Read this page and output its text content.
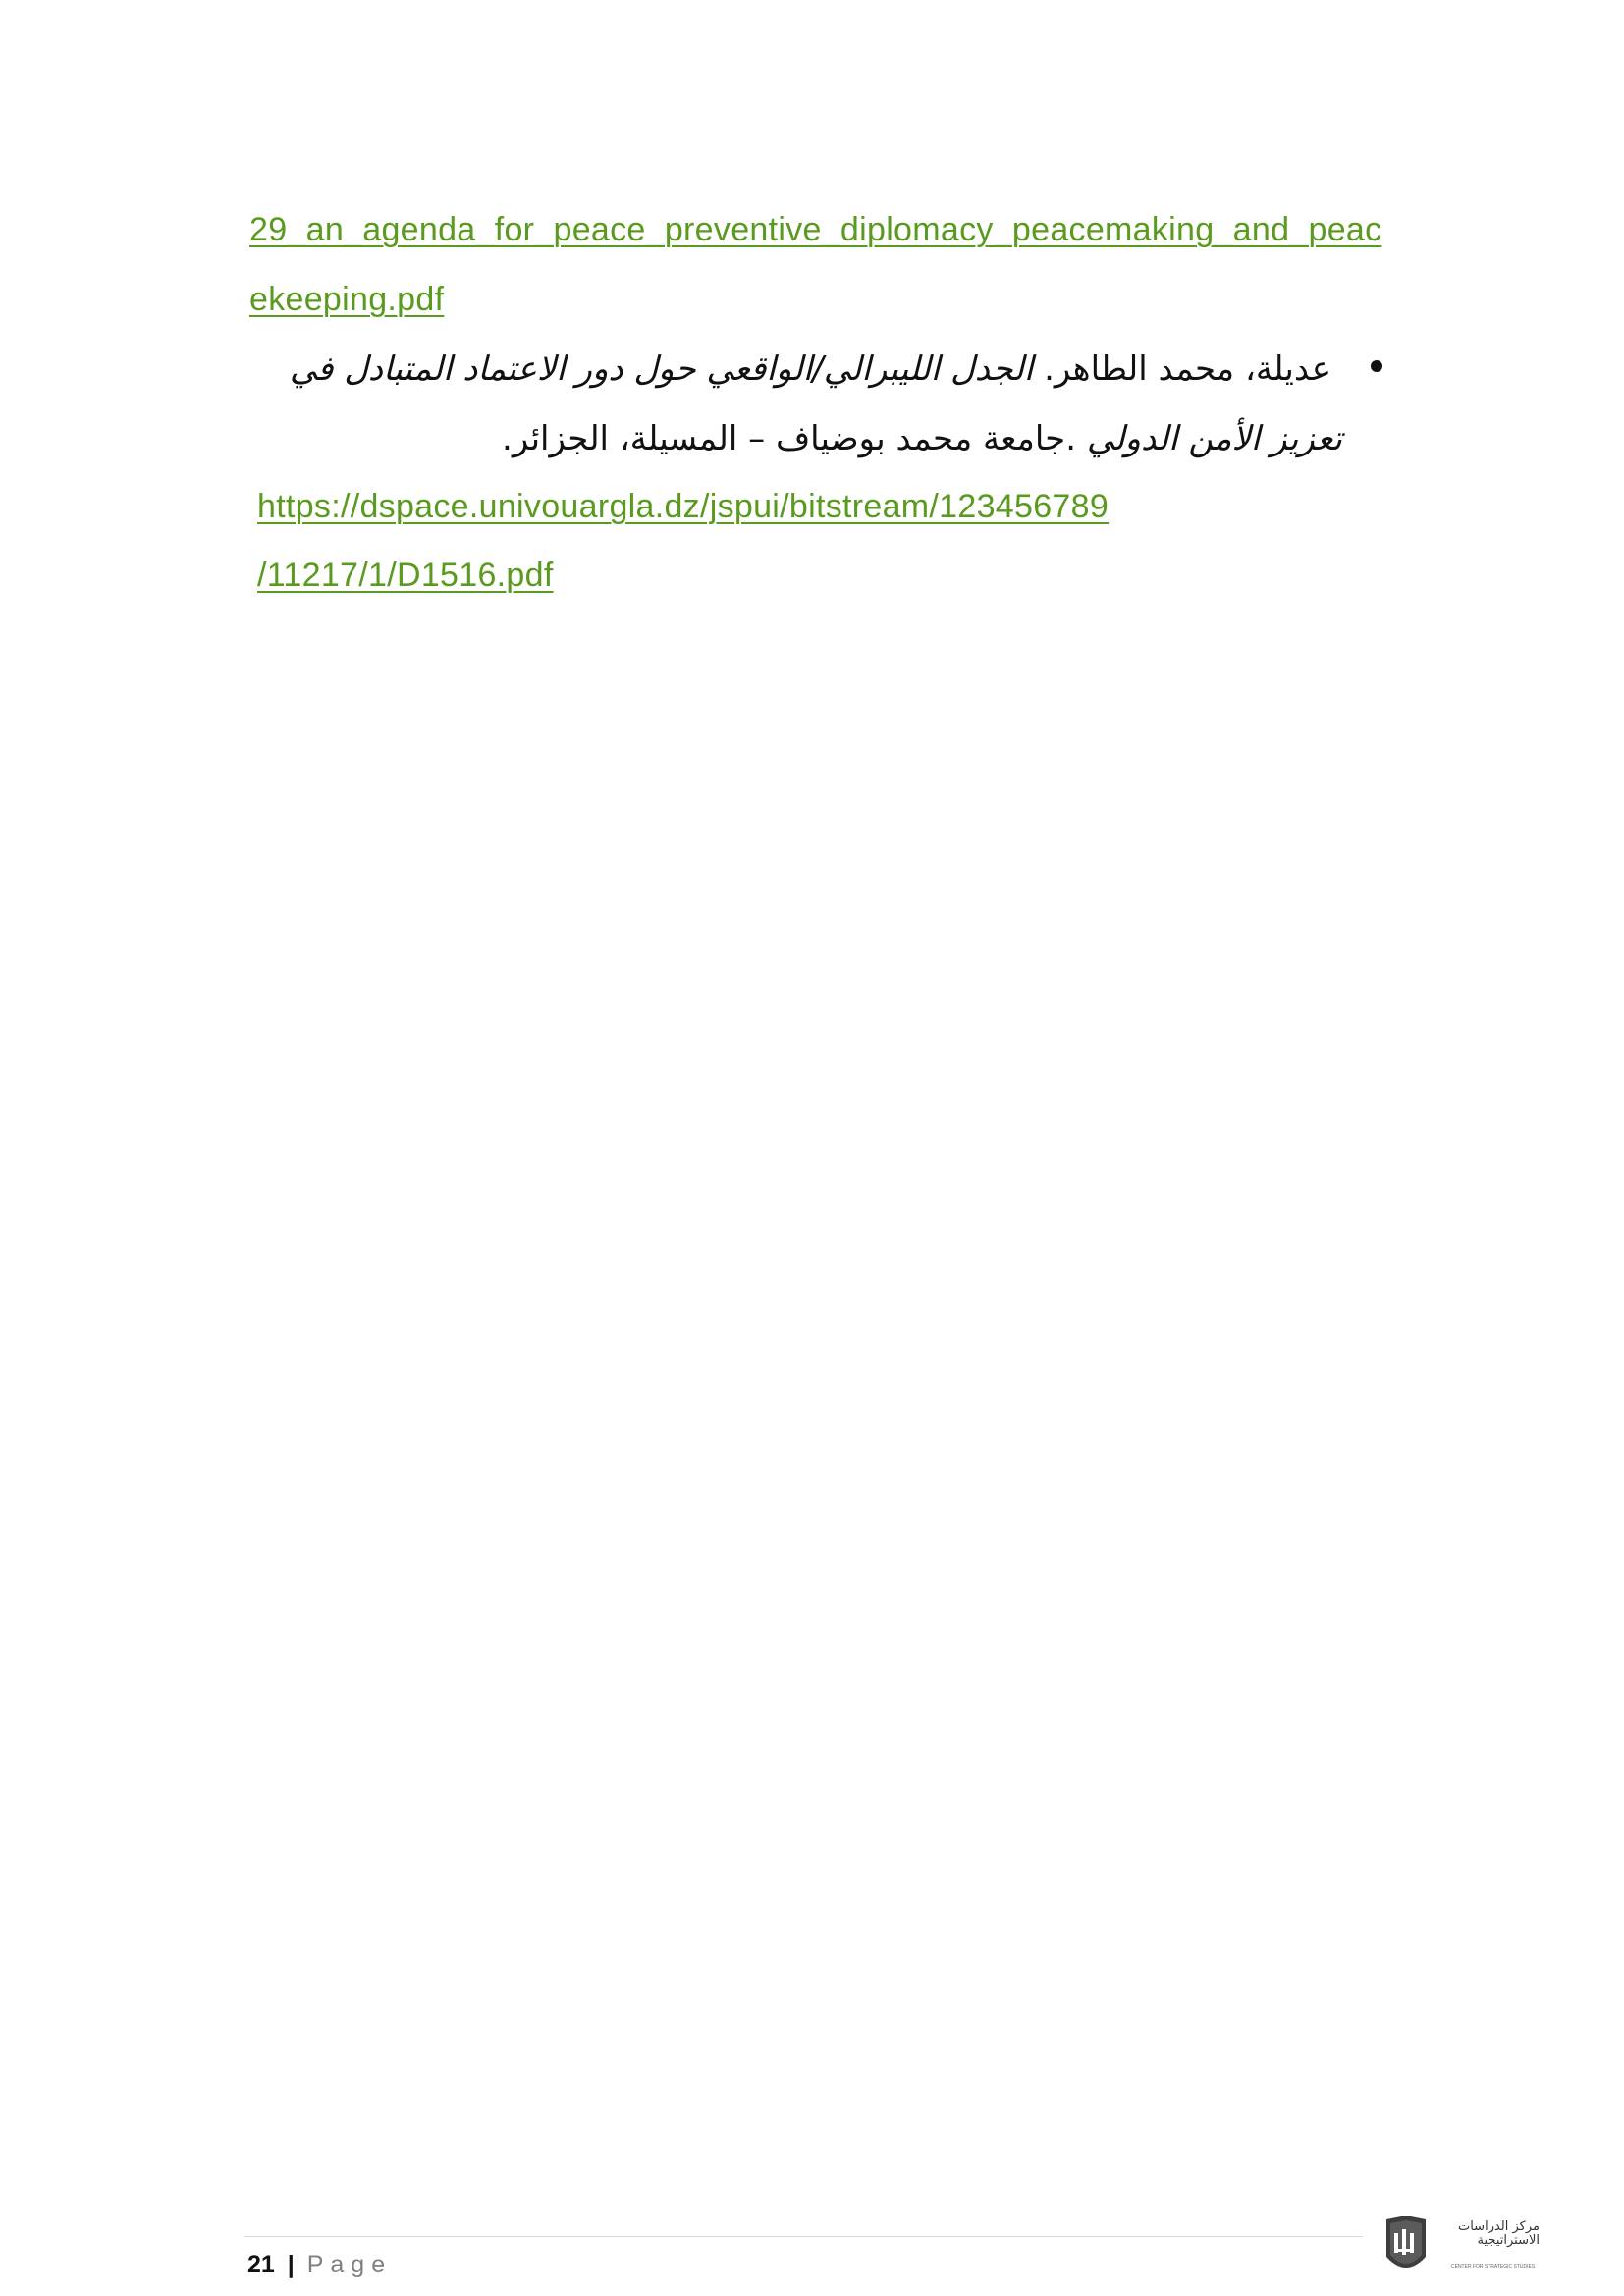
29_an_agenda_for_peace_preventive_diplomacy_peacemaking_and_peac
ekeeping.pdf
عديلة، محمد الطاهر. الجدل الليبرالي/الواقعي حول دور الاعتماد المتبادل في
تعزيز الأمن الدولي .جامعة محمد بوضياف – المسيلة، الجزائر.
https://dspace.univouargla.dz/jspui/bitstream/123456789
/11217/1/D1516.pdf
21 | Page
مركز الدراسات
الاستراتيجية
CENTER FOR STRATEGIC STUDIES
